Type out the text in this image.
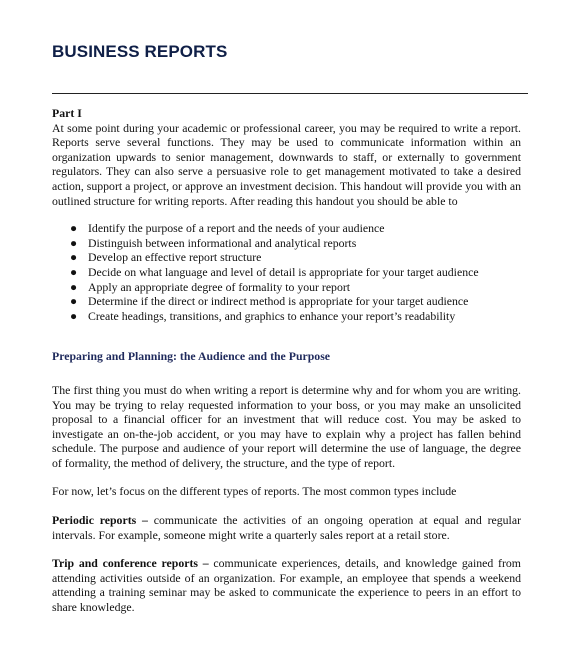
BUSINESS REPORTS

Part I

At some point during your academic or professional career, you may be required to write a report. Reports serve several functions. They may be used to communicate information within an organization upwards to senior management, downwards to staff, or externally to government regulators. They can also serve a persuasive role to get management motivated to take a desired action, support a project, or approve an investment decision. This handout will provide you with an outlined structure for writing reports. After reading this handout you should be able to

● Identify the purpose of a report and the needs of your audience
● Distinguish between informational and analytical reports
● Develop an effective report structure
● Decide on what language and level of detail is appropriate for your target audience
● Apply an appropriate degree of formality to your report
● Determine if the direct or indirect method is appropriate for your target audience
● Create headings, transitions, and graphics to enhance your report’s readability

Preparing and Planning: the Audience and the Purpose

The first thing you must do when writing a report is determine why and for whom you are writing. You may be trying to relay requested information to your boss, or you may make an unsolicited proposal to a financial officer for an investment that will reduce cost. You may be asked to investigate an on-the-job accident, or you may have to explain why a project has fallen behind schedule. The purpose and audience of your report will determine the use of language, the degree of formality, the method of delivery, the structure, and the type of report.

For now, let’s focus on the different types of reports. The most common types include

Periodic reports – communicate the activities of an ongoing operation at equal and regular intervals. For example, someone might write a quarterly sales report at a retail store.

Trip and conference reports – communicate experiences, details, and knowledge gained from attending activities outside of an organization. For example, an employee that spends a weekend attending a training seminar may be asked to communicate the experience to peers in an effort to share knowledge.
